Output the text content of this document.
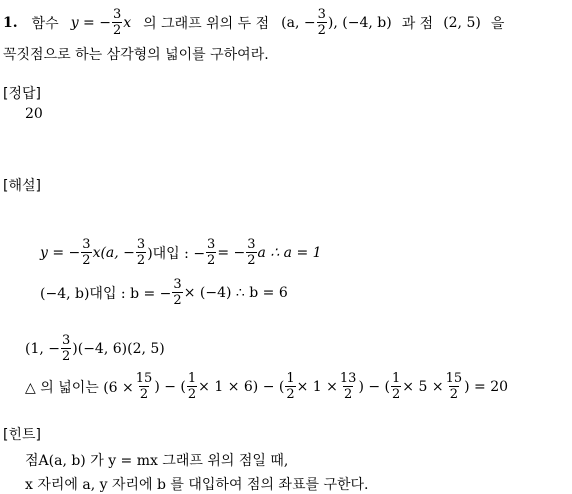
1. 함수 y = − $\frac{3}{2}$ x 의 그래프 위의 두 점 (a, − $\frac{3}{2}$ ), (−4, b) 과 점 (2, 5) 을
꼭짓점으로 하는 삼각형의 넓이를 구하여라.
[정답]
20
[해설]
y = − $\frac{3}{2} x(a$, − $\frac{3}{2}$ )대입 : − $\frac{3}{2}$ = − $\frac{3}{2}$ a ∴ a = 1
(−4, b)대입 : b = − $\frac{3}{2} \times (-4)$ ∴ b = 6
(1, − $\frac{3}{2} )(-4$, 6)(2, 5)
△ 의 넓이는 ($6 \times \frac{15}{2}$ ) − ( $\frac{1}{2} \times 1 \times 6$) − ( $\frac{1}{2} \times 1 \times \frac{13}{2}$ ) − ( $\frac{1}{2} \times 5 \times \frac{15}{2}$ ) = 20
[힌트]
점A(a, b) 가 y = mx 그래프 위의 점일 때,
x 자리에 a, y 자리에 b 를 대입하여 점의 좌표를 구한다.
